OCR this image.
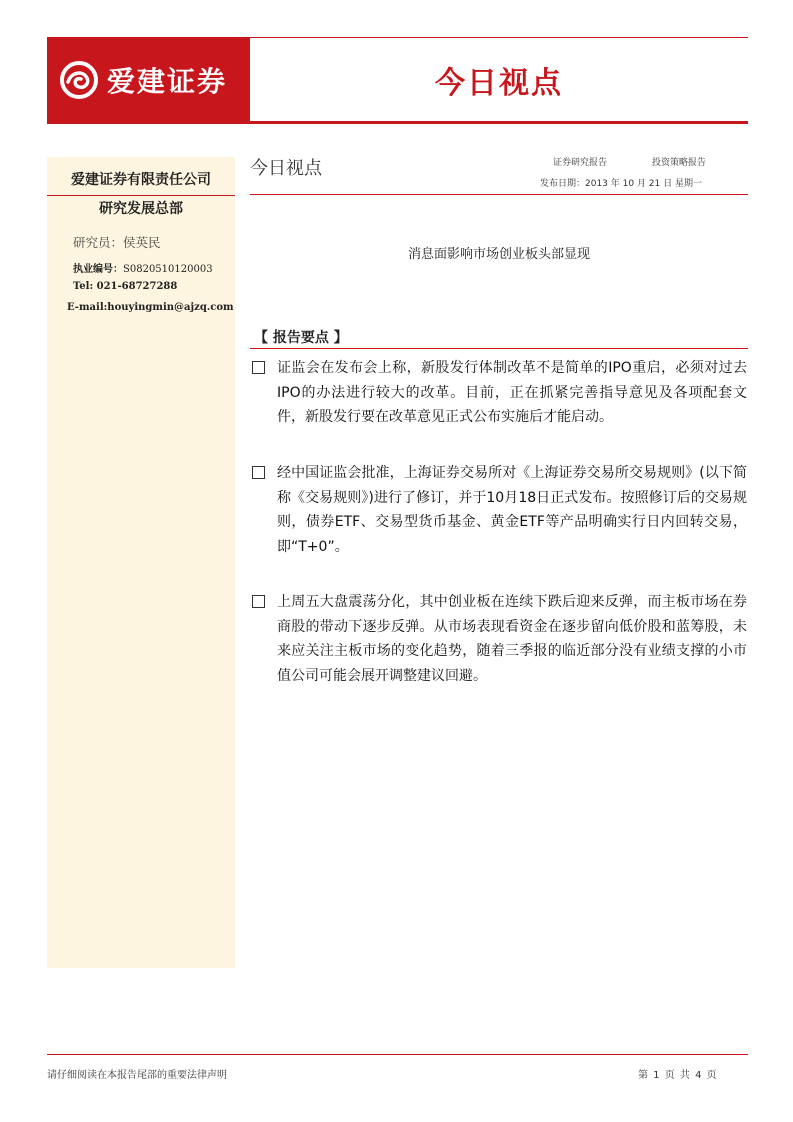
爱建证券	今日视点
爱建证券有限责任公司
研究发展总部
研究员：侯英民
执业编号：S0820510120003
Tel: 021-68727288
E-mail:houyingmin@ajzq.com
今日视点	证券研究报告	投资策略报告
发布日期：2013 年 10 月 21 日 星期一
消息面影响市场创业板头部显现
【 报告要点 】
证监会在发布会上称，新股发行体制改革不是简单的IPO重启，必须对过去IPO的办法进行较大的改革。目前，正在抓紧完善指导意见及各项配套文件，新股发行要在改革意见正式公布实施后才能启动。
经中国证监会批准，上海证券交易所对《上海证券交易所交易规则》(以下简称《交易规则》)进行了修订，并于10月18日正式发布。按照修订后的交易规则，债券ETF、交易型货币基金、黄金ETF等产品明确实行日内回转交易，即“T+0”。
上周五大盘震荡分化，其中创业板在连续下跌后迎来反弹，而主板市场在券商股的带动下逐步反弹。从市场表现看资金在逐步留向低价股和蓝筹股，未来应关注主板市场的变化趋势，随着三季报的临近部分没有业绩支撑的小市值公司可能会展开调整建议回避。
请仔细阅读在本报告尾部的重要法律声明	第 1 页 共 4 页
